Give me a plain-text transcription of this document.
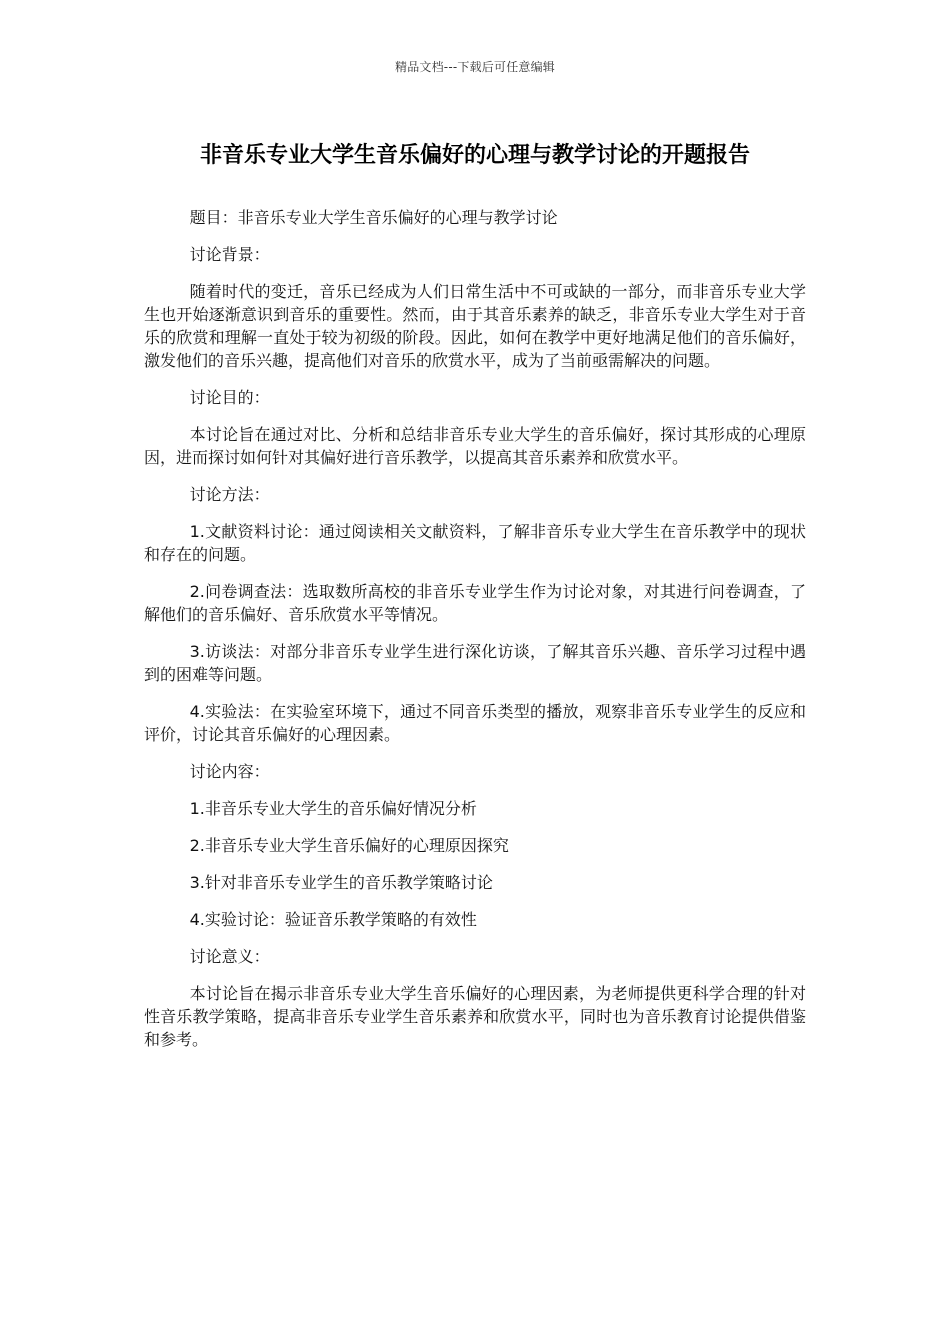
精品文档---下载后可任意编辑
非音乐专业大学生音乐偏好的心理与教学讨论的开题报告

题目：非音乐专业大学生音乐偏好的心理与教学讨论

讨论背景：

随着时代的变迁，音乐已经成为人们日常生活中不可或缺的一部分，而非音乐专业大学生也开始逐渐意识到音乐的重要性。然而，由于其音乐素养的缺乏，非音乐专业大学生对于音乐的欣赏和理解一直处于较为初级的阶段。因此，如何在教学中更好地满足他们的音乐偏好，激发他们的音乐兴趣，提高他们对音乐的欣赏水平，成为了当前亟需解决的问题。

讨论目的：

本讨论旨在通过对比、分析和总结非音乐专业大学生的音乐偏好，探讨其形成的心理原因，进而探讨如何针对其偏好进行音乐教学，以提高其音乐素养和欣赏水平。

讨论方法：

1.文献资料讨论：通过阅读相关文献资料，了解非音乐专业大学生在音乐教学中的现状和存在的问题。

2.问卷调查法：选取数所高校的非音乐专业学生作为讨论对象，对其进行问卷调查，了解他们的音乐偏好、音乐欣赏水平等情况。

3.访谈法：对部分非音乐专业学生进行深化访谈，了解其音乐兴趣、音乐学习过程中遇到的困难等问题。

4.实验法：在实验室环境下，通过不同音乐类型的播放，观察非音乐专业学生的反应和评价，讨论其音乐偏好的心理因素。

讨论内容：

1.非音乐专业大学生的音乐偏好情况分析

2.非音乐专业大学生音乐偏好的心理原因探究

3.针对非音乐专业学生的音乐教学策略讨论

4.实验讨论：验证音乐教学策略的有效性

讨论意义：

本讨论旨在揭示非音乐专业大学生音乐偏好的心理因素，为老师提供更科学合理的针对性音乐教学策略，提高非音乐专业学生音乐素养和欣赏水平，同时也为音乐教育讨论提供借鉴和参考。
